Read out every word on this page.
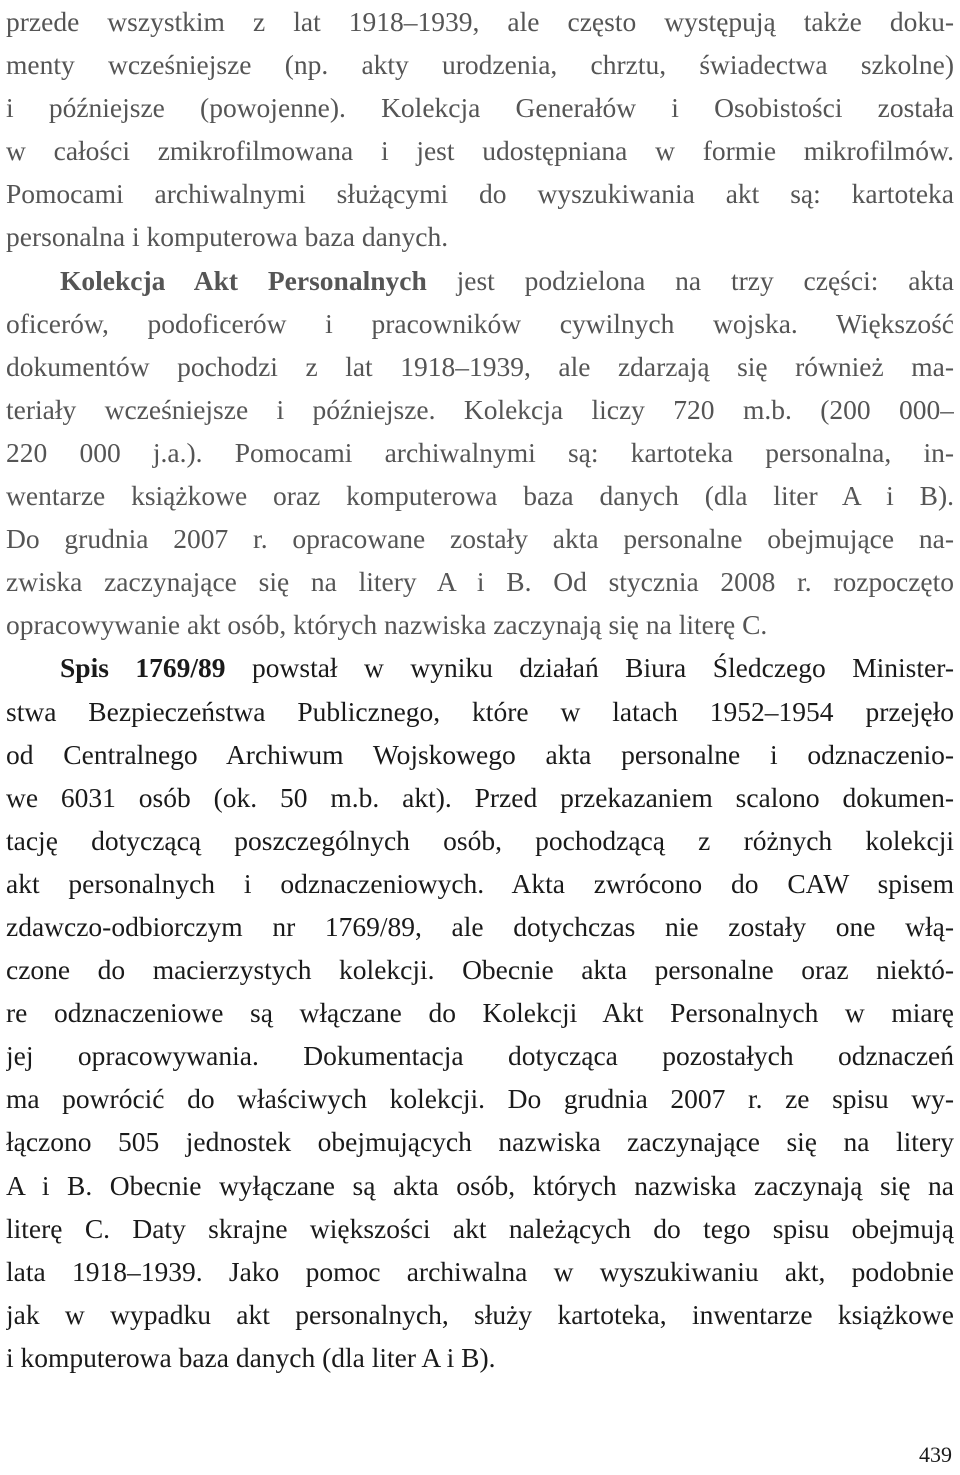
przede wszystkim z lat 1918–1939, ale często występują także doku-
menty wcześniejsze (np. akty urodzenia, chrztu, świadectwa szkolne)
i późniejsze (powojenne). Kolekcja Generałów i Osobistości została
w całości zmikrofilmowana i jest udostępniana w formie mikrofilmów.
Pomocami archiwalnymi służącymi do wyszukiwania akt są: kartoteka
personalna i komputerowa baza danych.
Kolekcja Akt Personalnych jest podzielona na trzy części: akta
oficerów, podoficerów i pracowników cywilnych wojska. Większość
dokumentów pochodzi z lat 1918–1939, ale zdarzają się również ma-
teriały wcześniejsze i późniejsze. Kolekcja liczy 720 m.b. (200 000–
220 000 j.a.). Pomocami archiwalnymi są: kartoteka personalna, in-
wentarze książkowe oraz komputerowa baza danych (dla liter A i B).
Do grudnia 2007 r. opracowane zostały akta personalne obejmujące na-
zwiska zaczynające się na litery A i B. Od stycznia 2008 r. rozpoczęto
opracowywanie akt osób, których nazwiska zaczynają się na literę C.
Spis 1769/89 powstał w wyniku działań Biura Śledczego Minister-
stwa Bezpieczeństwa Publicznego, które w latach 1952–1954 przejęło
od Centralnego Archiwum Wojskowego akta personalne i odznaczenio-
we 6031 osób (ok. 50 m.b. akt). Przed przekazaniem scalono dokumen-
tację dotyczącą poszczególnych osób, pochodzącą z różnych kolekcji
akt personalnych i odznaczeniowych. Akta zwrócono do CAW spisem
zdawczo-odbiorczym nr 1769/89, ale dotychczas nie zostały one włą-
czone do macierzystych kolekcji. Obecnie akta personalne oraz niektó-
re odznaczeniowe są włączane do Kolekcji Akt Personalnych w miarę
jej opracowywania. Dokumentacja dotycząca pozostałych odznaczeń
ma powrócić do właściwych kolekcji. Do grudnia 2007 r. ze spisu wy-
łączono 505 jednostek obejmujących nazwiska zaczynające się na litery
A i B. Obecnie wyłączane są akta osób, których nazwiska zaczynają się na
literę C. Daty skrajne większości akt należących do tego spisu obejmują
lata 1918–1939. Jako pomoc archiwalna w wyszukiwaniu akt, podobnie
jak w wypadku akt personalnych, służy kartoteka, inwentarze książkowe
i komputerowa baza danych (dla liter A i B).
439
